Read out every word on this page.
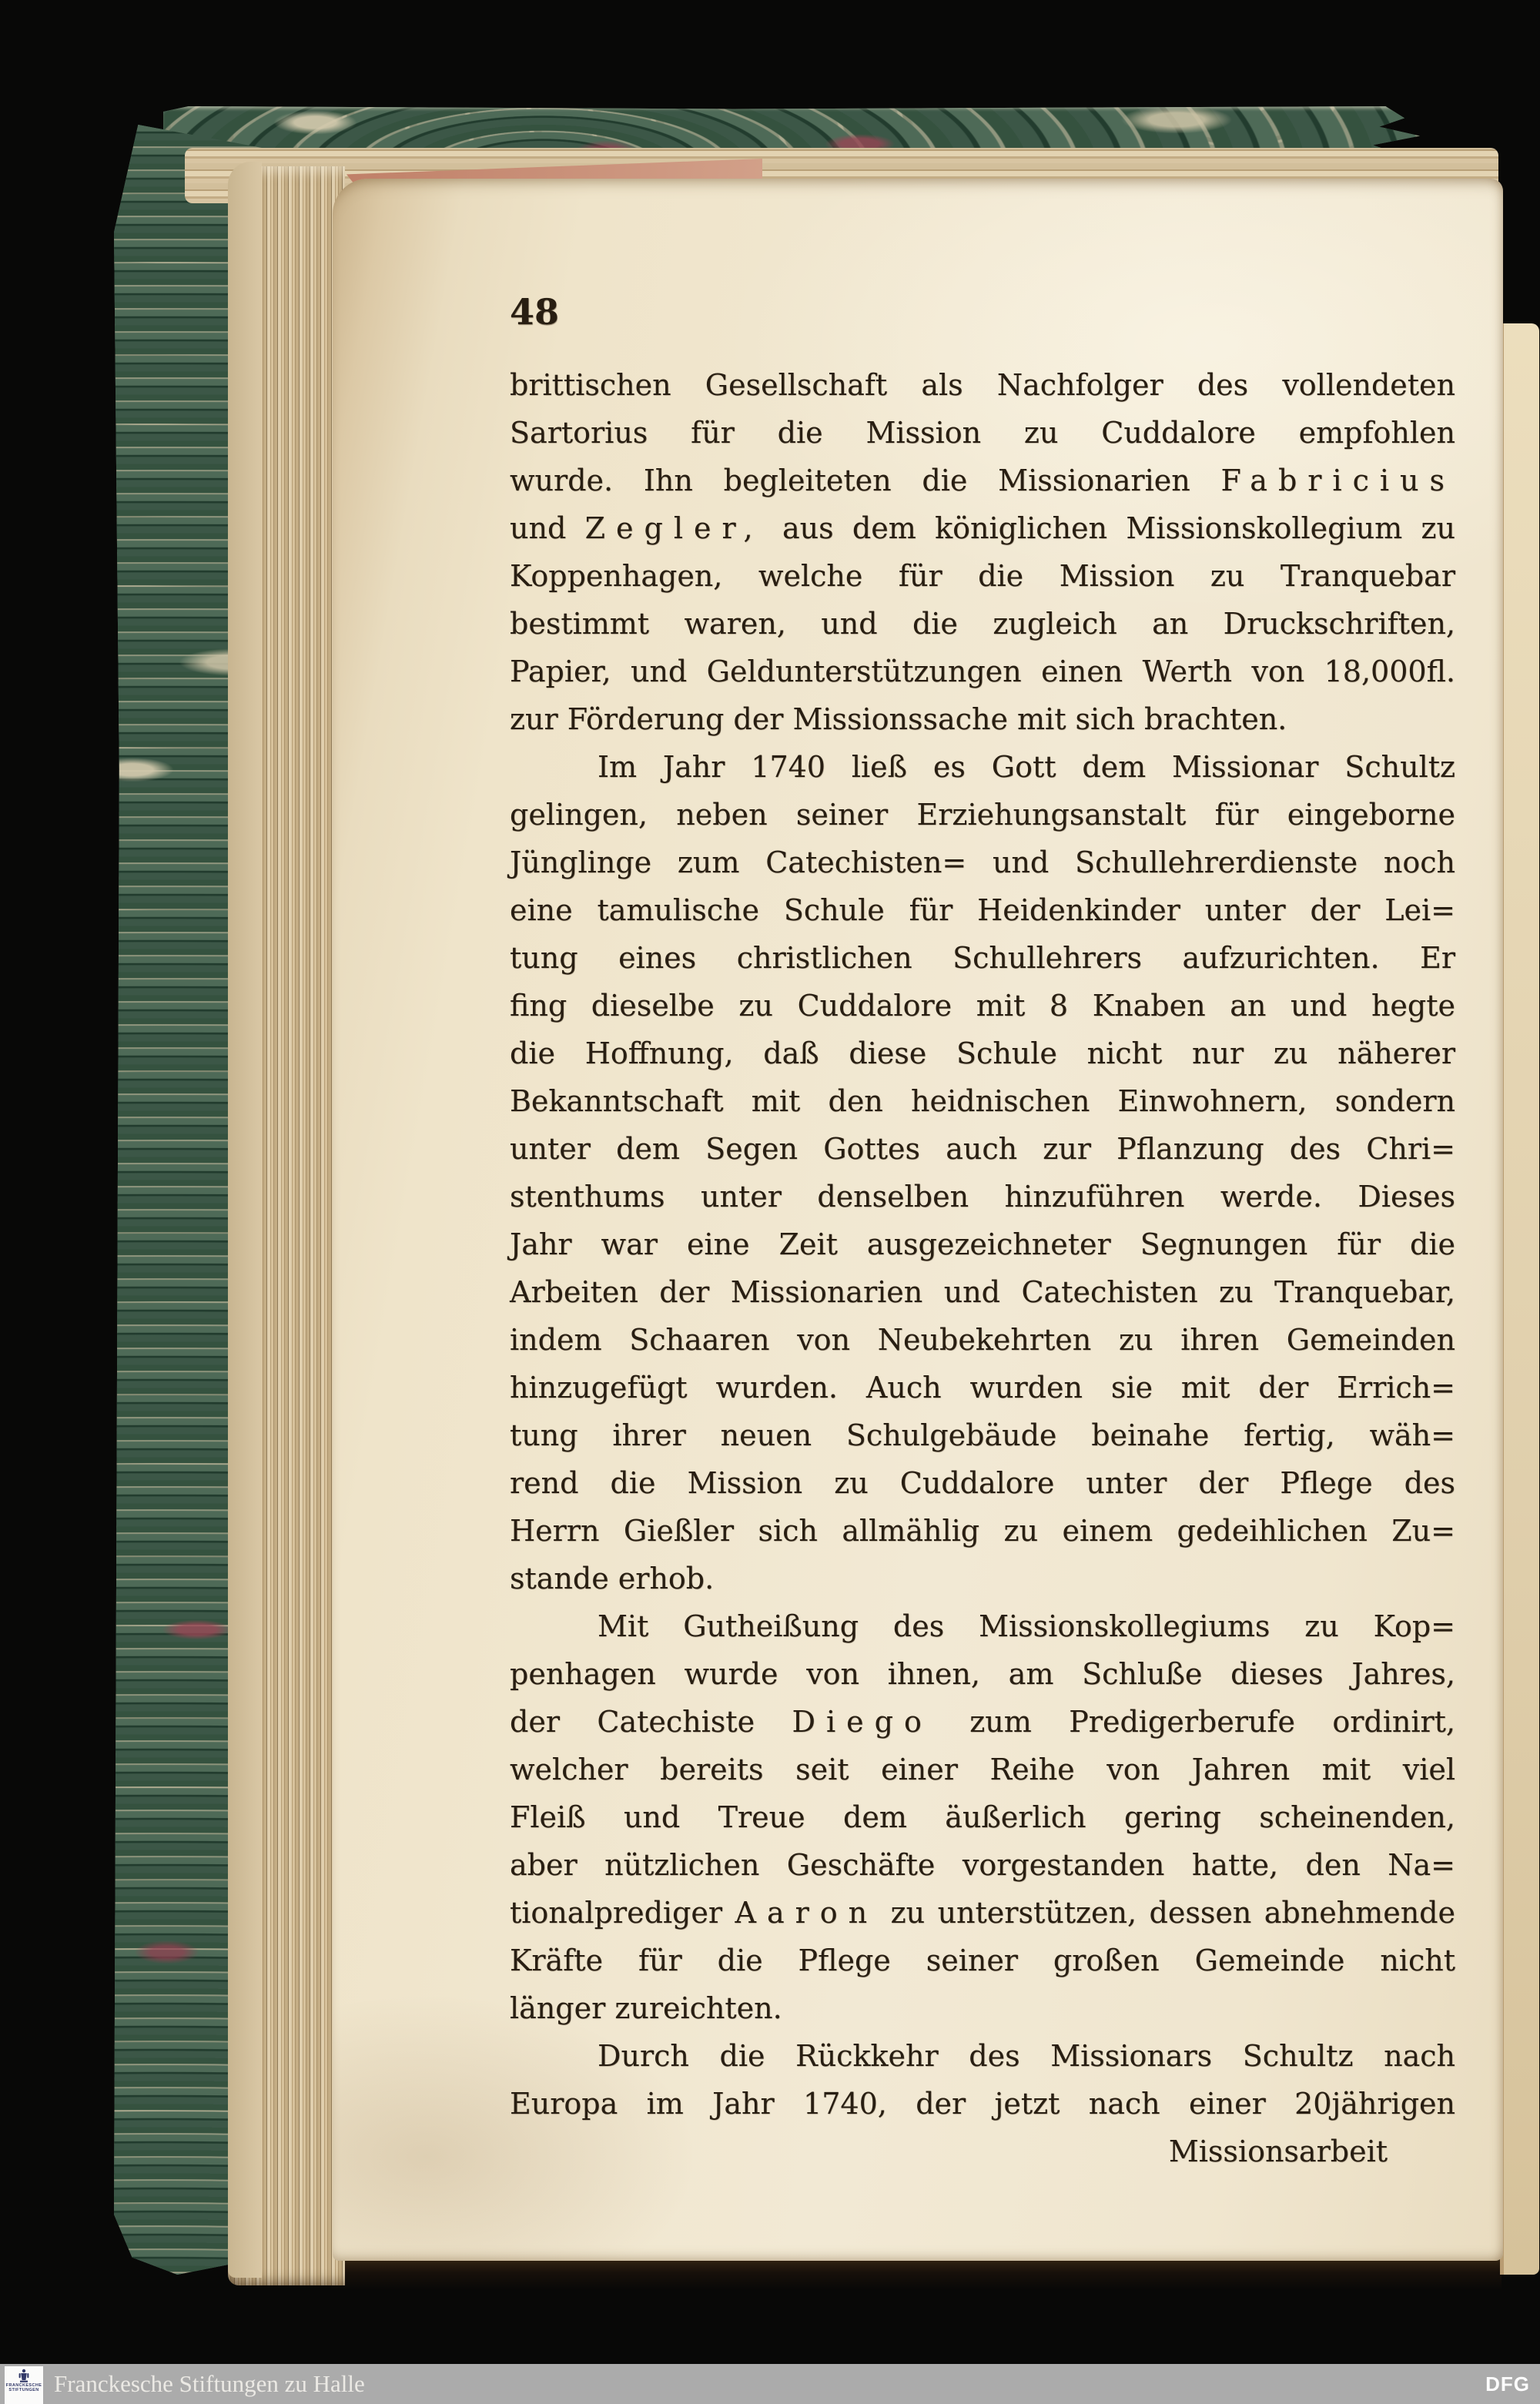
48
brittischen Gesellschaft als Nachfolger des vollendeten
Sartorius für die Mission zu Cuddalore empfohlen
wurde. Ihn begleiteten die Missionarien Fabricius
und Zegler, aus dem königlichen Missionskollegium zu
Koppenhagen, welche für die Mission zu Tranquebar
bestimmt waren, und die zugleich an Druckschriften,
Papier, und Geldunterstützungen einen Werth von 18,000fl.
zur Förderung der Missionssache mit sich brachten.
Im Jahr 1740 ließ es Gott dem Missionar Schultz
gelingen, neben seiner Erziehungsanstalt für eingeborne
Jünglinge zum Catechisten= und Schullehrerdienste noch
eine tamulische Schule für Heidenkinder unter der Lei=
tung eines christlichen Schullehrers aufzurichten. Er
fing dieselbe zu Cuddalore mit 8 Knaben an und hegte
die Hoffnung, daß diese Schule nicht nur zu näherer
Bekanntschaft mit den heidnischen Einwohnern, sondern
unter dem Segen Gottes auch zur Pflanzung des Chri=
stenthums unter denselben hinzuführen werde. Dieses
Jahr war eine Zeit ausgezeichneter Segnungen für die
Arbeiten der Missionarien und Catechisten zu Tranquebar,
indem Schaaren von Neubekehrten zu ihren Gemeinden
hinzugefügt wurden. Auch wurden sie mit der Errich=
tung ihrer neuen Schulgebäude beinahe fertig, wäh=
rend die Mission zu Cuddalore unter der Pflege des
Herrn Gießler sich allmählig zu einem gedeihlichen Zu=
stande erhob.
Mit Gutheißung des Missionskollegiums zu Kop=
penhagen wurde von ihnen, am Schluße dieses Jahres,
der Catechiste Diego zum Predigerberufe ordinirt,
welcher bereits seit einer Reihe von Jahren mit viel
Fleiß und Treue dem äußerlich gering scheinenden,
aber nützlichen Geschäfte vorgestanden hatte, den Na=
tionalprediger Aaron zu unterstützen, dessen abnehmende
Kräfte für die Pflege seiner großen Gemeinde nicht
länger zureichten.
Durch die Rückkehr des Missionars Schultz nach
Europa im Jahr 1740, der jetzt nach einer 20jährigen
Missionsarbeit
FRANCKESCHE
STIFTUNGEN Franckesche Stiftungen zu Halle	DFG
